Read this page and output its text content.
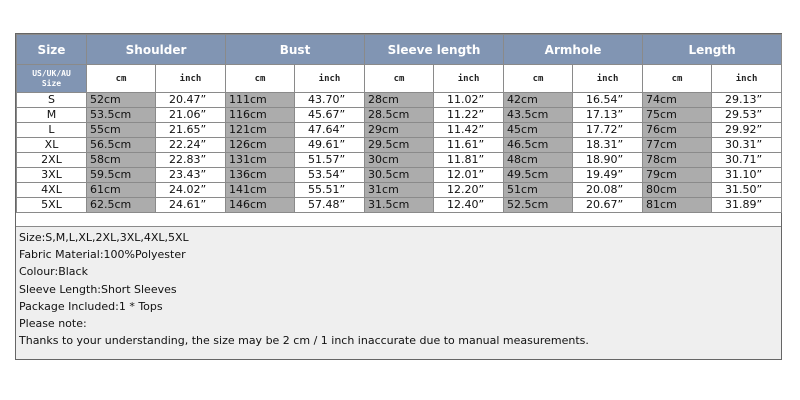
Size	Shoulder		Bust		Sleeve length		Armhole		Length	

US/UK/AU
Size	cm	inch	cm	inch	cm	inch	cm	inch	cm	inch
S	52cm	20.47”	111cm	43.70”	28cm	11.02”	42cm	16.54”	74cm	29.13”
M	53.5cm	21.06”	116cm	45.67”	28.5cm	11.22”	43.5cm	17.13”	75cm	29.53”
L	55cm	21.65”	121cm	47.64”	29cm	11.42”	45cm	17.72”	76cm	29.92”
XL	56.5cm	22.24”	126cm	49.61”	29.5cm	11.61”	46.5cm	18.31”	77cm	30.31”
2XL	58cm	22.83”	131cm	51.57”	30cm	11.81”	48cm	18.90”	78cm	30.71”
3XL	59.5cm	23.43”	136cm	53.54”	30.5cm	12.01”	49.5cm	19.49”	79cm	31.10”
4XL	61cm	24.02”	141cm	55.51”	31cm	12.20”	51cm	20.08”	80cm	31.50”
5XL	62.5cm	24.61”	146cm	57.48”	31.5cm	12.40”	52.5cm	20.67”	81cm	31.89”
Size:S,M,L,XL,2XL,3XL,4XL,5XL
Fabric Material:100%Polyester
Colour:Black
Sleeve Length:Short Sleeves
Package Included:1 * Tops
Please note:
Thanks to your understanding, the size may be 2 cm / 1 inch inaccurate due to manual measurements.
